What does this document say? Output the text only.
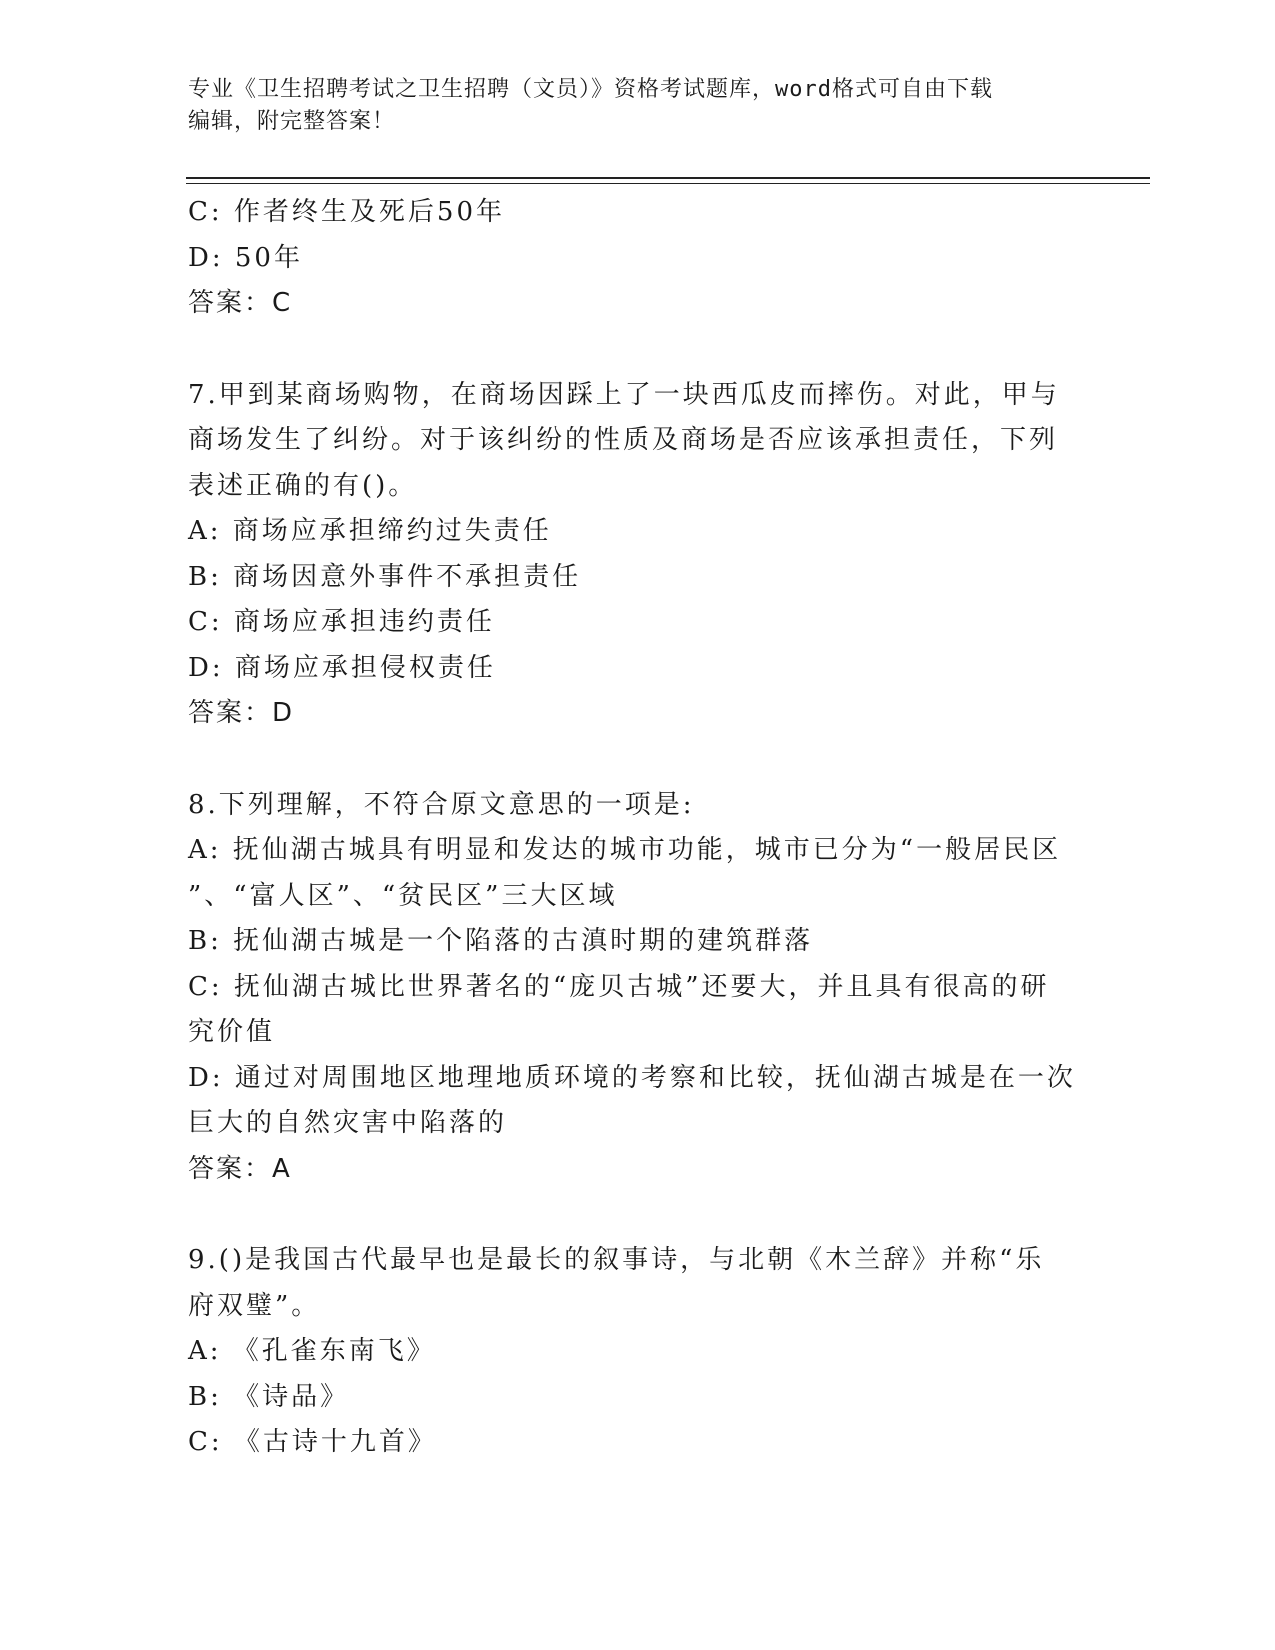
专业《卫生招聘考试之卫生招聘（文员）》资格考试题库，word格式可自由下载
编辑，附完整答案！
C: 作者终生及死后50年
D: 50年
答案：C
7.甲到某商场购物，在商场因踩上了一块西瓜皮而摔伤。对此，甲与
商场发生了纠纷。对于该纠纷的性质及商场是否应该承担责任，下列
表述正确的有()。
A: 商场应承担缔约过失责任
B: 商场因意外事件不承担责任
C: 商场应承担违约责任
D: 商场应承担侵权责任
答案：D
8.下列理解，不符合原文意思的一项是:
A: 抚仙湖古城具有明显和发达的城市功能，城市已分为“一般居民区
”、“富人区”、“贫民区”三大区域
B: 抚仙湖古城是一个陷落的古滇时期的建筑群落
C: 抚仙湖古城比世界著名的“庞贝古城”还要大，并且具有很高的研
究价值
D: 通过对周围地区地理地质环境的考察和比较，抚仙湖古城是在一次
巨大的自然灾害中陷落的
答案：A
9.()是我国古代最早也是最长的叙事诗，与北朝《木兰辞》并称“乐
府双璧”。
A: 《孔雀东南飞》
B: 《诗品》
C: 《古诗十九首》
